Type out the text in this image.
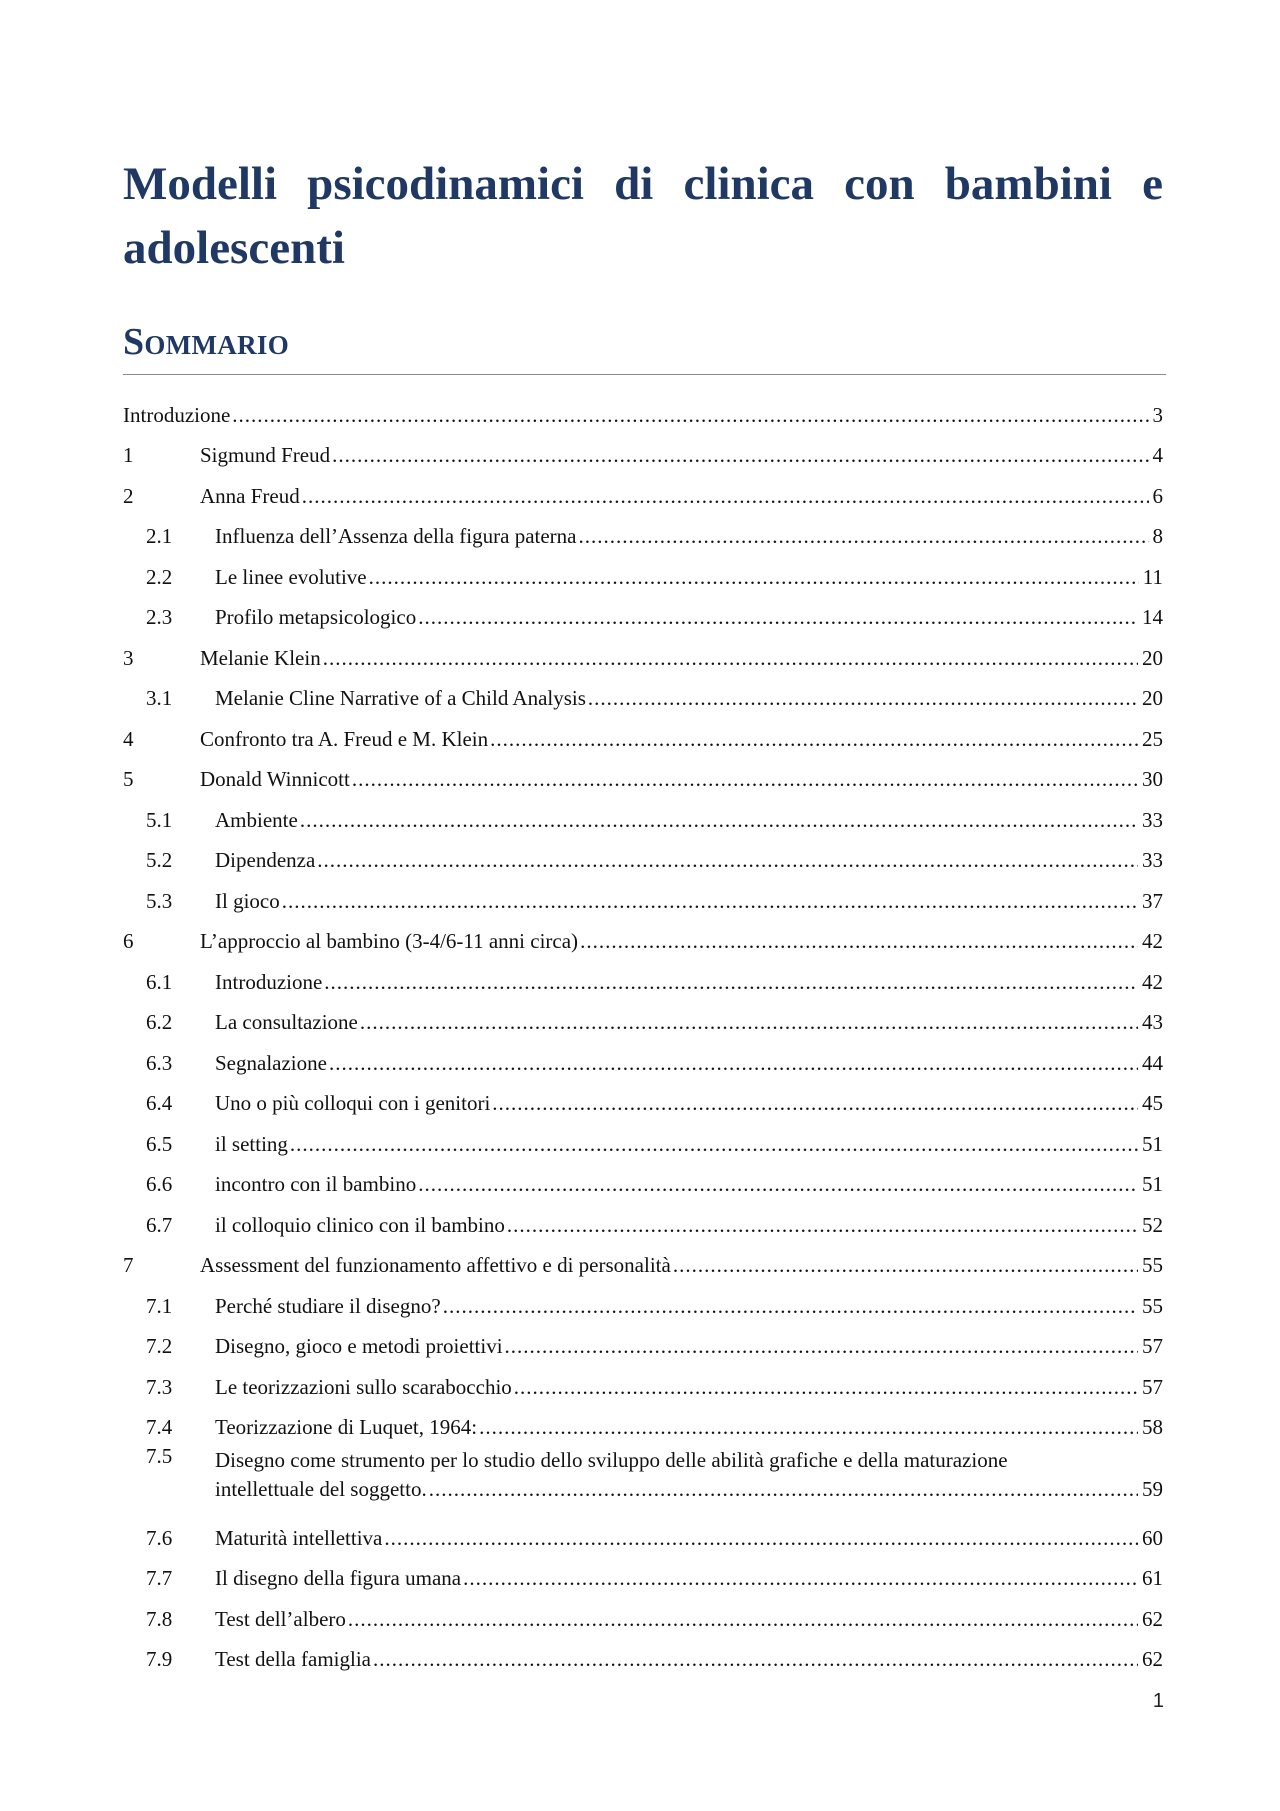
Modelli psicodinamici di clinica con bambini e adolescenti
Sommario
Introduzione .....	3
1	Sigmund Freud .....	4
2	Anna Freud .....	6
2.1	Influenza dell’Assenza della figura paterna .....	8
2.2	Le linee evolutive .....	11
2.3	Profilo metapsicologico .....	14
3	Melanie Klein .....	20
3.1	Melanie Cline Narrative of a Child Analysis .....	20
4	Confronto tra A. Freud e M. Klein .....	25
5	Donald Winnicott .....	30
5.1	Ambiente .....	33
5.2	Dipendenza .....	33
5.3	Il gioco .....	37
6	L’approccio al bambino (3-4/6-11 anni circa) .....	42
6.1	Introduzione .....	42
6.2	La consultazione .....	43
6.3	Segnalazione .....	44
6.4	Uno o più colloqui con i genitori .....	45
6.5	il setting .....	51
6.6	incontro con il bambino .....	51
6.7	il colloquio clinico con il bambino .....	52
7	Assessment del funzionamento affettivo e di personalità .....	55
7.1	Perché studiare il disegno? .....	55
7.2	Disegno, gioco e metodi proiettivi .....	57
7.3	Le teorizzazioni sullo scarabocchio .....	57
7.4	Teorizzazione di Luquet, 1964: .....	58
7.5	Disegno come strumento per lo studio dello sviluppo delle abilità grafiche e della maturazione
intellettuale del soggetto. .....	59
7.6	Maturità intellettiva .....	60
7.7	Il disegno della figura umana .....	61
7.8	Test dell’albero .....	62
7.9	Test della famiglia .....	62
1
